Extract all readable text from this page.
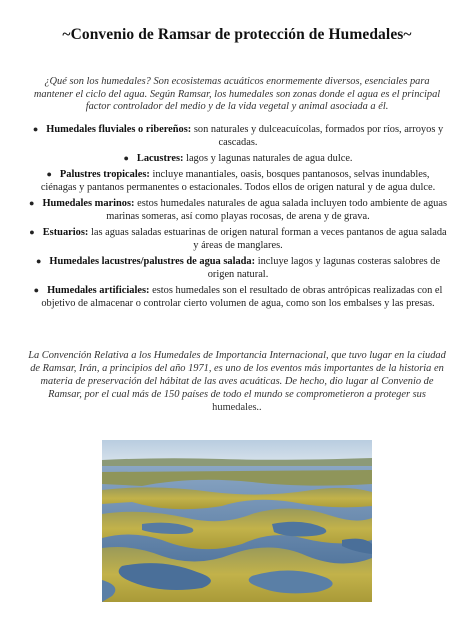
~Convenio de Ramsar de protección de Humedales~
¿Qué son los humedales? Son ecosistemas acuáticos enormemente diversos, esenciales para mantener el ciclo del agua. Según Ramsar, los humedales son zonas donde el agua es el principal factor controlador del medio y de la vida vegetal y animal asociada a él.
● Humedales fluviales o ribereños: son naturales y dulceacuícolas, formados por ríos, arroyos y cascadas.
● Lacustres: lagos y lagunas naturales de agua dulce.
● Palustres tropicales: incluye manantiales, oasis, bosques pantanosos, selvas inundables, ciénagas y pantanos permanentes o estacionales. Todos ellos de origen natural y de agua dulce.
● Humedales marinos: estos humedales naturales de agua salada incluyen todo ambiente de aguas marinas someras, así como playas rocosas, de arena y de grava.
● Estuarios: las aguas saladas estuarinas de origen natural forman a veces pantanos de agua salada y áreas de manglares.
● Humedales lacustres/palustres de agua salada: incluye lagos y lagunas costeras salobres de origen natural.
● Humedales artificiales: estos humedales son el resultado de obras antrópicas realizadas con el objetivo de almacenar o controlar cierto volumen de agua, como son los embalses y las presas.
La Convención Relativa a los Humedales de Importancia Internacional, que tuvo lugar en la ciudad de Ramsar, Irán, a principios del año 1971, es uno de los eventos más importantes de la historia en materia de preservación del hábitat de las aves acuáticas. De hecho, dio lugar al Convenio de Ramsar, por el cual más de 150 países de todo el mundo se comprometieron a proteger sus humedales..
